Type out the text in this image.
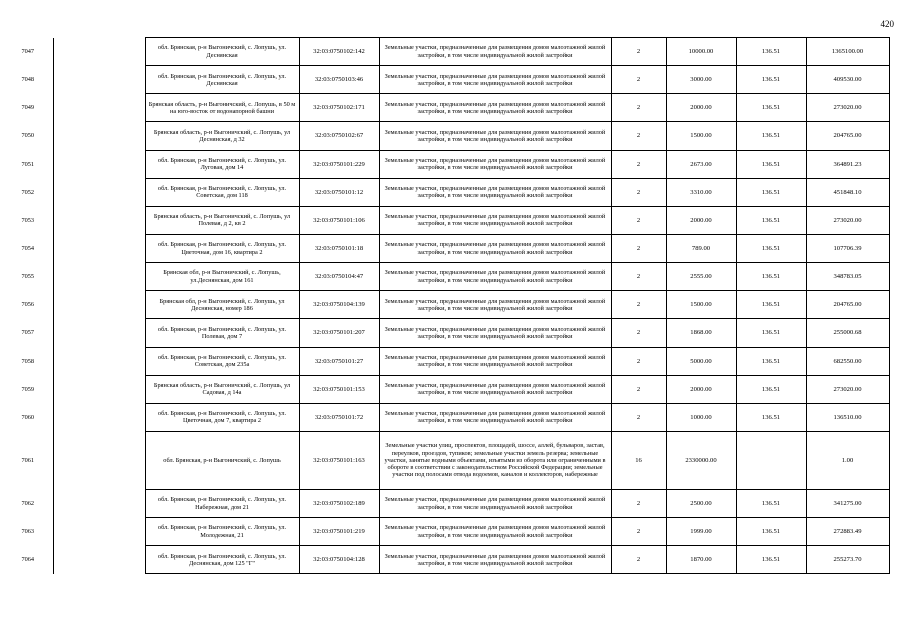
420
7047		обл. Брянская, р-н Выгоничский, с. Лопушь, ул. Деснянская	32:03:0750102:142	Земельные участки, предназначенные для размещения домов малоэтажной жилой застройки, в том числе индивидуальной жилой застройки	2	10000.00	136.51	1365100.00
7048		обл. Брянская, р-н Выгоничский, с. Лопушь, ул. Деснянская	32:03:0750103:46	Земельные участки, предназначенные для размещения домов малоэтажной жилой застройки, в том числе индивидуальной жилой застройки	2	3000.00	136.51	409530.00
7049		Брянская область, р-н Выгоничский, с. Лопушь, в 50 м на юго-восток от водонапорной башни	32:03:0750102:171	Земельные участки, предназначенные для размещения домов малоэтажной жилой застройки, в том числе индивидуальной жилой застройки	2	2000.00	136.51	273020.00
7050		Брянская область, р-н Выгоничский, с. Лопушь, ул Деснянская, д 32	32:03:0750102:67	Земельные участки, предназначенные для размещения домов малоэтажной жилой застройки, в том числе индивидуальной жилой застройки	2	1500.00	136.51	204765.00
7051		обл. Брянская, р-н Выгоничский, с. Лопушь, ул. Луговая, дом 14	32:03:0750101:229	Земельные участки, предназначенные для размещения домов малоэтажной жилой застройки, в том числе индивидуальной жилой застройки	2	2673.00	136.51	364891.23
7052		обл. Брянская, р-н Выгоничский, с. Лопушь, ул. Советская, дом 118	32:03:0750101:12	Земельные участки, предназначенные для размещения домов малоэтажной жилой застройки, в том числе индивидуальной жилой застройки	2	3310.00	136.51	451848.10
7053		Брянская область, р-н Выгоничский, с. Лопушь, ул Полевая, д 2, кв 2	32:03:0750101:106	Земельные участки, предназначенные для размещения домов малоэтажной жилой застройки, в том числе индивидуальной жилой застройки	2	2000.00	136.51	273020.00
7054		обл. Брянская, р-н Выгоничский, с. Лопушь, ул. Цветочная, дом 16, квартира 2	32:03:0750101:18	Земельные участки, предназначенные для размещения домов малоэтажной жилой застройки, в том числе индивидуальной жилой застройки	2	789.00	136.51	107706.39
7055		Брянская обл, р-н Выгоничский, с. Лопушь, ул.Деснянская, дом 161	32:03:0750104:47	Земельные участки, предназначенные для размещения домов малоэтажной жилой застройки, в том числе индивидуальной жилой застройки	2	2555.00	136.51	348783.05
7056		Брянская обл, р-н Выгоничский, с. Лопушь, ул Деснянская, номер 186	32:03:0750104:139	Земельные участки, предназначенные для размещения домов малоэтажной жилой застройки, в том числе индивидуальной жилой застройки	2	1500.00	136.51	204765.00
7057		обл. Брянская, р-н Выгоничский, с. Лопушь, ул. Полевая, дом 7	32:03:0750101:207	Земельные участки, предназначенные для размещения домов малоэтажной жилой застройки, в том числе индивидуальной жилой застройки	2	1868.00	136.51	255000.68
7058		обл. Брянская, р-н Выгоничский, с. Лопушь, ул. Советская, дом 235а	32:03:0750101:27	Земельные участки, предназначенные для размещения домов малоэтажной жилой застройки, в том числе индивидуальной жилой застройки	2	5000.00	136.51	682550.00
7059		Брянская область, р-н Выгоничский, с. Лопушь, ул Садовая, д 14а	32:03:0750101:153	Земельные участки, предназначенные для размещения домов малоэтажной жилой застройки, в том числе индивидуальной жилой застройки	2	2000.00	136.51	273020.00
7060		обл. Брянская, р-н Выгоничский, с. Лопушь, ул. Цветочная, дом 7, квартира 2	32:03:0750101:72	Земельные участки, предназначенные для размещения домов малоэтажной жилой застройки, в том числе индивидуальной жилой застройки	2	1000.00	136.51	136510.00
7061		обл. Брянская, р-н Выгоничский, с. Лопушь	32:03:0750101:163	Земельные участки улиц, проспектов, площадей, шоссе, аллей, бульваров, застав, переулков, проездов, тупиков; земельные участки земель резерва; земельные участки, занятые водными объектами, изъятыми из оборота или ограниченными в обороте в соответствии с законодательством Российской Федерации; земельные участки под полосами отвода водоемов, каналов и коллекторов, набережные	16	2330000.00		1.00
7062		обл. Брянская, р-н Выгоничский, с. Лопушь, ул. Набережная, дом 21	32:03:0750102:189	Земельные участки, предназначенные для размещения домов малоэтажной жилой застройки, в том числе индивидуальной жилой застройки	2	2500.00	136.51	341275.00
7063		обл. Брянская, р-н Выгоничский, с. Лопушь, ул. Молодежная, 21	32:03:0750101:219	Земельные участки, предназначенные для размещения домов малоэтажной жилой застройки, в том числе индивидуальной жилой застройки	2	1999.00	136.51	272883.49
7064		обл. Брянская, р-н Выгоничский, с. Лопушь, ул. Деснянская, дом 125 "Г"	32:03:0750104:128	Земельные участки, предназначенные для размещения домов малоэтажной жилой застройки, в том числе индивидуальной жилой застройки	2	1870.00	136.51	255273.70
